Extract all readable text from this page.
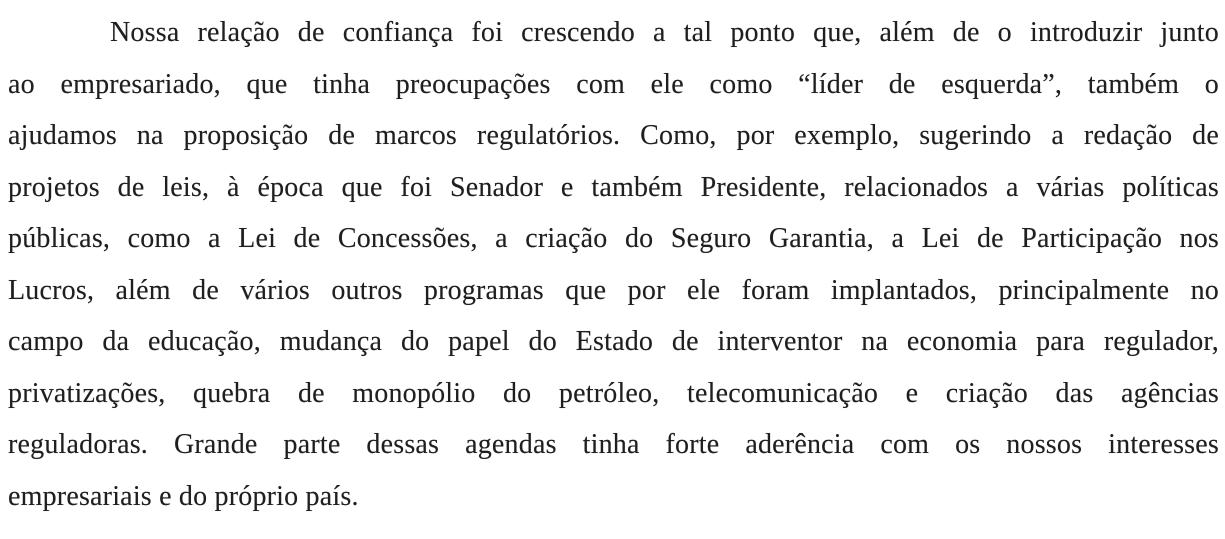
Nossa relação de confiança foi crescendo a tal ponto que, além de o introduzir junto
ao empresariado, que tinha preocupações com ele como “líder de esquerda”, também o
ajudamos na proposição de marcos regulatórios. Como, por exemplo, sugerindo a redação de
projetos de leis, à época que foi Senador e também Presidente, relacionados a várias políticas
públicas, como a Lei de Concessões, a criação do Seguro Garantia, a Lei de Participação nos
Lucros, além de vários outros programas que por ele foram implantados, principalmente no
campo da educação, mudança do papel do Estado de interventor na economia para regulador,
privatizações, quebra de monopólio do petróleo, telecomunicação e criação das agências
reguladoras. Grande parte dessas agendas tinha forte aderência com os nossos interesses
empresariais e do próprio país.
